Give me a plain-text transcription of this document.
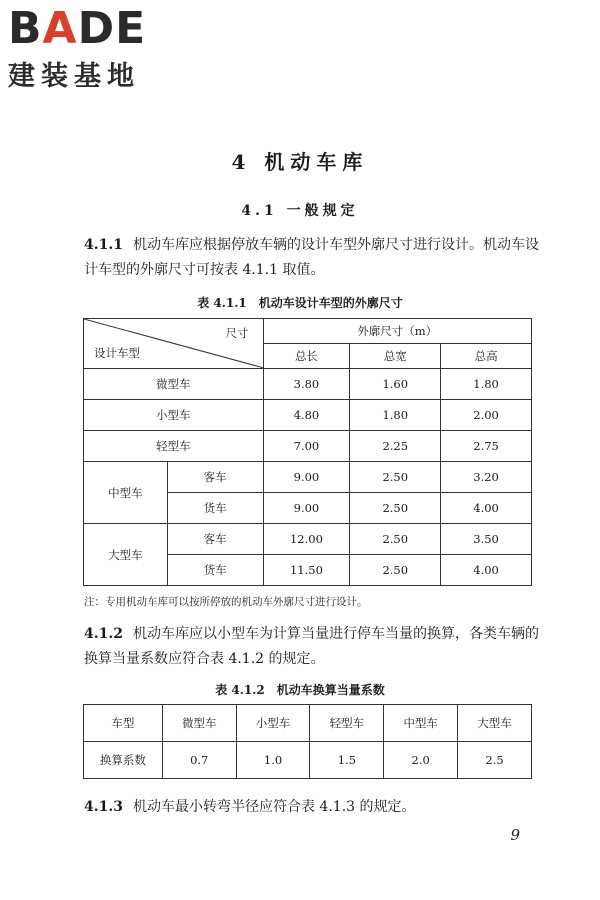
BADE
建装基地
4 机动车库
4.1 一般规定
4.1.1 机动车库应根据停放车辆的设计车型外廓尺寸进行设计。机动车设计车型的外廓尺寸可按表 4.1.1 取值。
表 4.1.1　机动车设计车型的外廓尺寸
尺寸
设计车型		外廓尺寸（m）		
		总长	总宽	总高
微型车		3.80	1.60	1.80
小型车		4.80	1.80	2.00
轻型车		7.00	2.25	2.75
中型车	客车	9.00	2.50	3.20
	货车	9.00	2.50	4.00
大型车	客车	12.00	2.50	3.50
	货车	11.50	2.50	4.00
注：专用机动车库可以按所停放的机动车外廓尺寸进行设计。
4.1.2 机动车库应以小型车为计算当量进行停车当量的换算，各类车辆的换算当量系数应符合表 4.1.2 的规定。
表 4.1.2　机动车换算当量系数
车型	微型车	小型车	轻型车	中型车	大型车
换算系数	0.7	1.0	1.5	2.0	2.5
4.1.3 机动车最小转弯半径应符合表 4.1.3 的规定。
9
